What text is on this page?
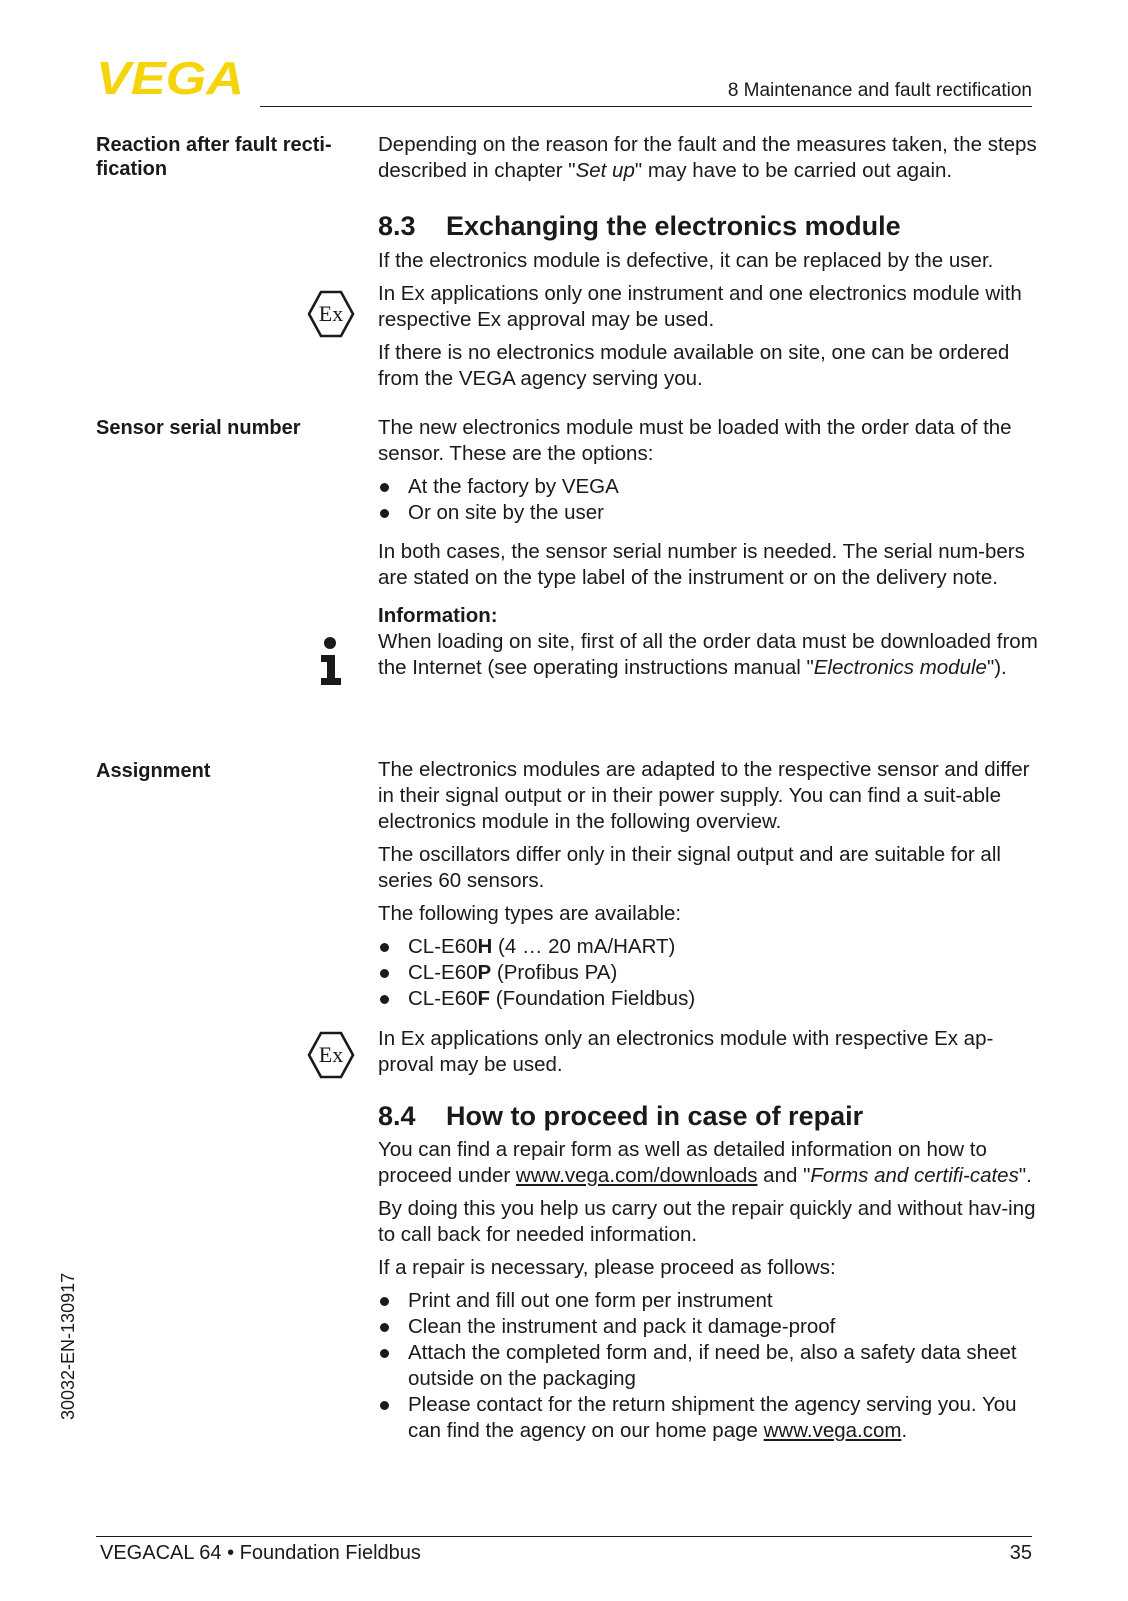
VEGA	8 Maintenance and fault rectification
Reaction after fault recti-fication

Depending on the reason for the fault and the measures taken, the steps described in chapter "Set up" may have to be carried out again.

8.3 Exchanging the electronics module

If the electronics module is defective, it can be replaced by the user.

In Ex applications only one instrument and one electronics module with respective Ex approval may be used.

If there is no electronics module available on site, one can be ordered from the VEGA agency serving you.

Ex
Sensor serial number	The new electronics module must be loaded with the order data of the sensor. These are the options:

At the factory by VEGA
Or on site by the user

In both cases, the sensor serial number is needed. The serial num-bers are stated on the type label of the instrument or on the delivery note.

Information:

When loading on site, first of all the order data must be downloaded from the Internet (see operating instructions manual "Electronics module").

Assignment	The electronics modules are adapted to the respective sensor and differ in their signal output or in their power supply. You can find a suit-able electronics module in the following overview.

The oscillators differ only in their signal output and are suitable for all series 60 sensors.

The following types are available:

CL-E60H (4 … 20 mA/HART)
CL-E60P (Profibus PA)
CL-E60F (Foundation Fieldbus)

In Ex applications only an electronics module with respective Ex ap-proval may be used.

Ex
8.4 How to proceed in case of repair

You can find a repair form as well as detailed information on how to proceed under www.vega.com/downloads and "Forms and certifi-cates".

By doing this you help us carry out the repair quickly and without hav-ing to call back for needed information.

If a repair is necessary, please proceed as follows:

Print and fill out one form per instrument
Clean the instrument and pack it damage-proof
Attach the completed form and, if need be, also a safety data sheet outside on the packaging
Please contact for the return shipment the agency serving you. You can find the agency on our home page www.vega.com.
30032-EN-130917
VEGACAL 64 • Foundation Fieldbus	35
